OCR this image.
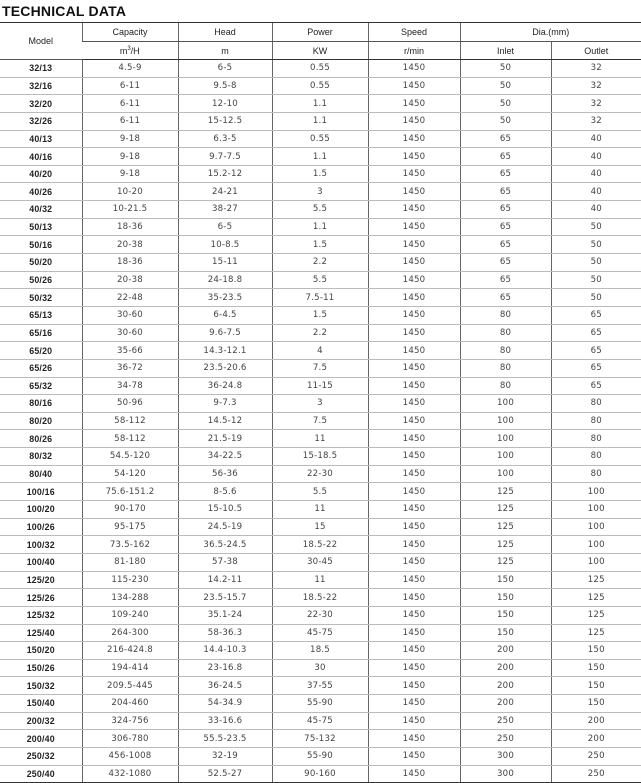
TECHNICAL DATA
Model	Capacity	Head	Power	Speed	Dia.(mm)	
	$m^3/H$	m	KW	r/min	Inlet	Outlet
32/13	4.5-9	6-5	0.55	1450	50	32
32/16	6-11	9.5-8	0.55	1450	50	32
32/20	6-11	12-10	1.1	1450	50	32
32/26	6-11	15-12.5	1.1	1450	50	32
40/13	9-18	6.3-5	0.55	1450	65	40
40/16	9-18	9.7-7.5	1.1	1450	65	40
40/20	9-18	15.2-12	1.5	1450	65	40
40/26	10-20	24-21	3	1450	65	40
40/32	10-21.5	38-27	5.5	1450	65	40
50/13	18-36	6-5	1.1	1450	65	50
50/16	20-38	10-8.5	1.5	1450	65	50
50/20	18-36	15-11	2.2	1450	65	50
50/26	20-38	24-18.8	5.5	1450	65	50
50/32	22-48	35-23.5	7.5-11	1450	65	50
65/13	30-60	6-4.5	1.5	1450	80	65
65/16	30-60	9.6-7.5	2.2	1450	80	65
65/20	35-66	14.3-12.1	4	1450	80	65
65/26	36-72	23.5-20.6	7.5	1450	80	65
65/32	34-78	36-24.8	11-15	1450	80	65
80/16	50-96	9-7.3	3	1450	100	80
80/20	58-112	14.5-12	7.5	1450	100	80
80/26	58-112	21.5-19	11	1450	100	80
80/32	54.5-120	34-22.5	15-18.5	1450	100	80
80/40	54-120	56-36	22-30	1450	100	80
100/16	75.6-151.2	8-5.6	5.5	1450	125	100
100/20	90-170	15-10.5	11	1450	125	100
100/26	95-175	24.5-19	15	1450	125	100
100/32	73.5-162	36.5-24.5	18.5-22	1450	125	100
100/40	81-180	57-38	30-45	1450	125	100
125/20	115-230	14.2-11	11	1450	150	125
125/26	134-288	23.5-15.7	18.5-22	1450	150	125
125/32	109-240	35.1-24	22-30	1450	150	125
125/40	264-300	58-36.3	45-75	1450	150	125
150/20	216-424.8	14.4-10.3	18.5	1450	200	150
150/26	194-414	23-16.8	30	1450	200	150
150/32	209.5-445	36-24.5	37-55	1450	200	150
150/40	204-460	54-34.9	55-90	1450	200	150
200/32	324-756	33-16.6	45-75	1450	250	200
200/40	306-780	55.5-23.5	75-132	1450	250	200
250/32	456-1008	32-19	55-90	1450	300	250
250/40	432-1080	52.5-27	90-160	1450	300	250
